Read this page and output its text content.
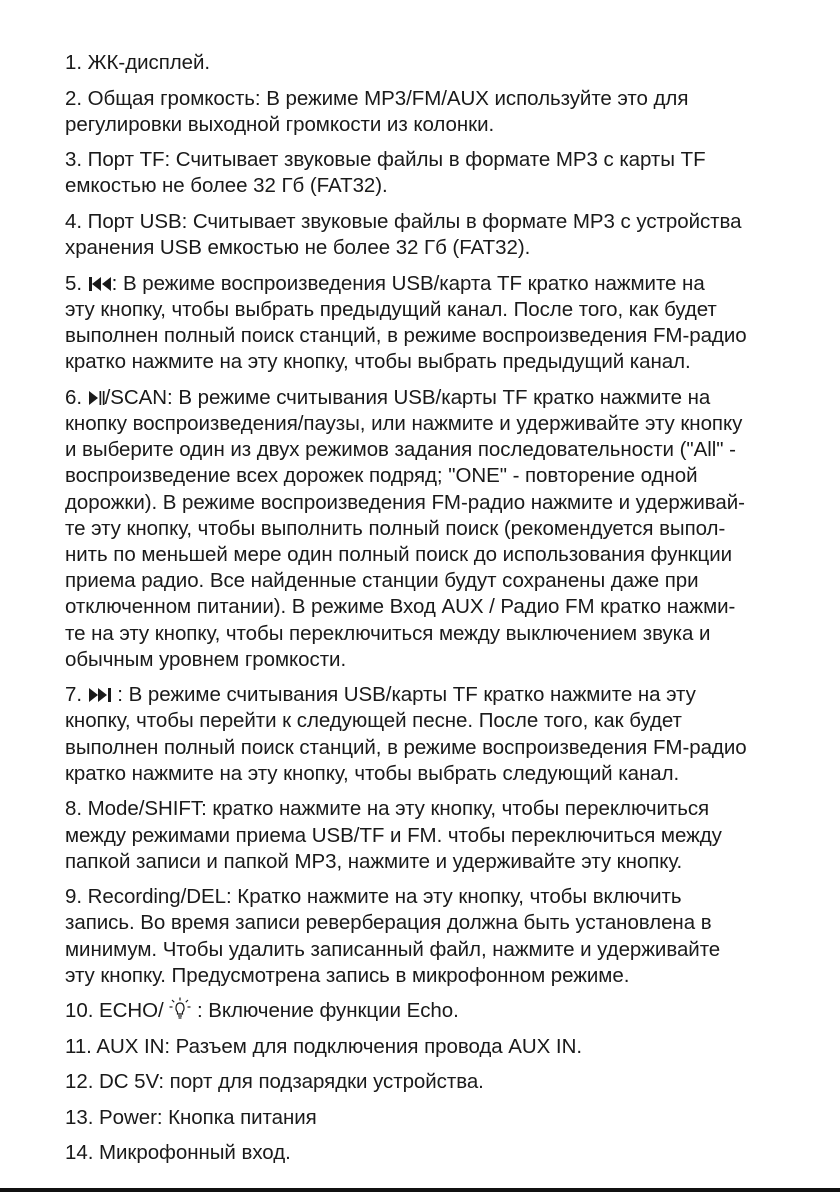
1. ЖК-дисплей.
2. Общая громкость: В режиме MP3/FM/AUX используйте это для
регулировки выходной громкости из колонки.
3. Порт TF: Считывает звуковые файлы в формате MP3 с карты TF
емкостью не более 32 Гб (FAT32).
4. Порт USB: Считывает звуковые файлы в формате MP3 с устройства
хранения USB емкостью не более 32 Гб (FAT32).
5.
: В режиме воспроизведения USB/карта TF кратко нажмите на
эту кнопку, чтобы выбрать предыдущий канал. После того, как будет
выполнен полный поиск станций, в режиме воспроизведения FM-радио
кратко нажмите на эту кнопку, чтобы выбрать предыдущий канал.
6.
/SCAN: В режиме считывания USB/карты TF кратко нажмите на
кнопку воспроизведения/паузы, или нажмите и удерживайте эту кнопку
и выберите один из двух режимов задания последовательности ("All" -
воспроизведение всех дорожек подряд; "ONE" - повторение одной
дорожки). В режиме воспроизведения FM-радио нажмите и удерживай-
те эту кнопку, чтобы выполнить полный поиск (рекомендуется выпол-
нить по меньшей мере один полный поиск до использования функции
приема радио. Все найденные станции будут сохранены даже при
отключенном питании). В режиме Вход AUX / Радио FM кратко нажми-
те на эту кнопку, чтобы переключиться между выключением звука и
обычным уровнем громкости.
7.
: В режиме считывания USB/карты TF кратко нажмите на эту
кнопку, чтобы перейти к следующей песне. После того, как будет
выполнен полный поиск станций, в режиме воспроизведения FM-радио
кратко нажмите на эту кнопку, чтобы выбрать следующий канал.
8. Mode/SHIFT: кратко нажмите на эту кнопку, чтобы переключиться
между режимами приема USB/TF и FM. чтобы переключиться между
папкой записи и папкой MP3, нажмите и удерживайте эту кнопку.
9. Recording/DEL: Кратко нажмите на эту кнопку, чтобы включить
запись. Во время записи реверберация должна быть установлена в
минимум. Чтобы удалить записанный файл, нажмите и удерживайте
эту кнопку. Предусмотрена запись в микрофонном режиме.
10. ECHO/
: Включение функции Echo.
11. AUX IN: Разъем для подключения провода AUX IN.
12. DC 5V: порт для подзарядки устройства.
13. Power: Кнопка питания
14. Микрофонный вход.
